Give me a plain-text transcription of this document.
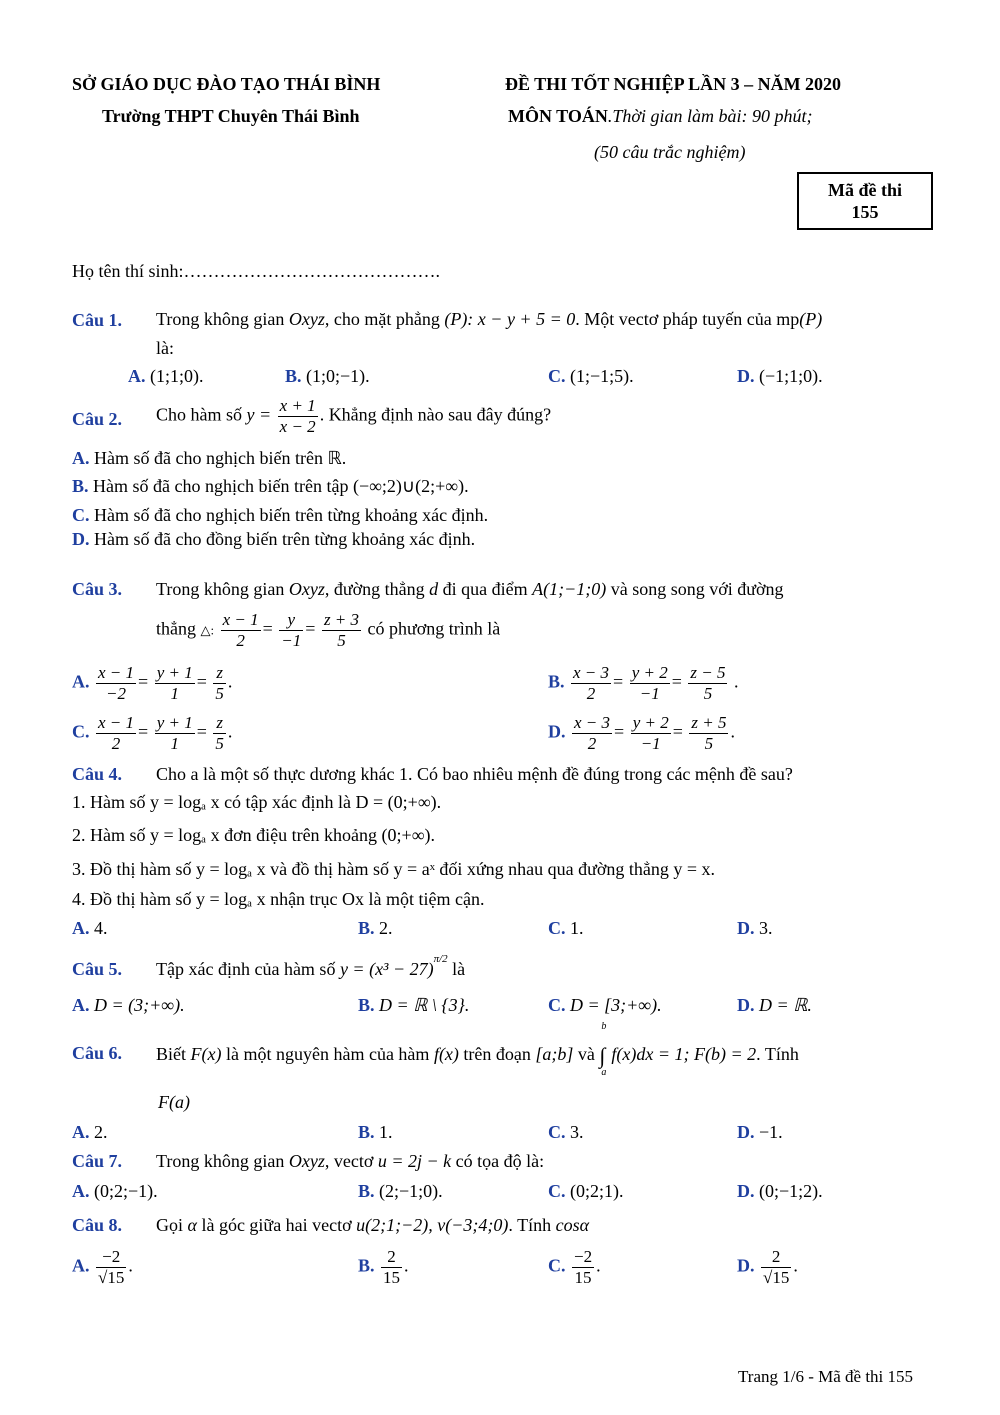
SỞ GIÁO DỤC ĐÀO TẠO THÁI BÌNH
Trường THPT Chuyên Thái Bình
ĐỀ THI TỐT NGHIỆP LẦN 3 – NĂM 2020
MÔN TOÁN.Thời gian làm bài: 90 phút;
(50 câu trắc nghiệm)
Mã đề thi
155
Họ tên thí sinh:…………………………………….
Câu 1. Trong không gian Oxyz, cho mặt phẳng (P): x − y + 5 = 0. Một vectơ pháp tuyến của mp(P)
là:
A. (1;1;0).	B. (1;0;−1).	C. (1;−1;5).	D. (−1;1;0).
Câu 2. Cho hàm số $y = \frac{x + 1}{x - 2}$ . Khẳng định nào sau đây đúng?
A. Hàm số đã cho nghịch biến trên ℝ.
B. Hàm số đã cho nghịch biến trên tập (−∞;2)∪(2;+∞).
C. Hàm số đã cho nghịch biến trên từng khoảng xác định.
D. Hàm số đã cho đồng biến trên từng khoảng xác định.
Câu 3. Trong không gian Oxyz, đường thẳng d đi qua điểm A(1;−1;0) và song song với đường
thẳng △: $\frac{x - 1}{2} = \frac{y}{-1} = \frac{z + 3}{5}$ có phương trình là
A. $\frac{x - 1}{-2} = \frac{y + 1}{1} = \frac{z}{5}$ .	B. $\frac{x - 3}{2} = \frac{y + 2}{-1} = \frac{z - 5}{5}$ .
C. $\frac{x - 1}{2} = \frac{y + 1}{1} = \frac{z}{5}$ .	D. $\frac{x - 3}{2} = \frac{y + 2}{-1} = \frac{z + 5}{5}$ .
Câu 4. Cho a là một số thực dương khác 1. Có bao nhiêu mệnh đề đúng trong các mệnh đề sau?
1. Hàm số y = logₐ x có tập xác định là D = (0;+∞).
2. Hàm số y = logₐ x đơn điệu trên khoảng (0;+∞).
3. Đồ thị hàm số y = logₐ x và đồ thị hàm số y = aˣ đối xứng nhau qua đường thẳng y = x.
4. Đồ thị hàm số y = logₐ x nhận trục Ox là một tiệm cận.
A. 4.	B. 2.	C. 1.	D. 3.
Câu 5. Tập xác định của hàm số $y = (x^3 - 27)^{\pi/2}$ là
A. D = (3;+∞).	B. D = ℝ \ {3}.	C. D = [3;+∞).	D. D = ℝ.
Câu 6. Biết F(x) là một nguyên hàm của hàm f(x) trên đoạn [a;b] và
b
∫
a
f(x)dx = 1; F(b) = 2. Tính
F(a)
A. 2.	B. 1.	C. 3.	D. −1.
Câu 7. Trong không gian Oxyz, vectơ u = 2j − k có tọa độ là:
A. (0;2;−1).	B. (2;−1;0).	C. (0;2;1).	D. (0;−1;2).
Câu 8. Gọi α là góc giữa hai vectơ u(2;1;−2), v(−3;4;0). Tính cosα
A. $\frac{-2}{√15}$ .	B. $\frac{2}{15}$ .	C. $\frac{-2}{15}$ .	D. $\frac{2}{√15}$ .
Trang 1/6 - Mã đề thi 155
